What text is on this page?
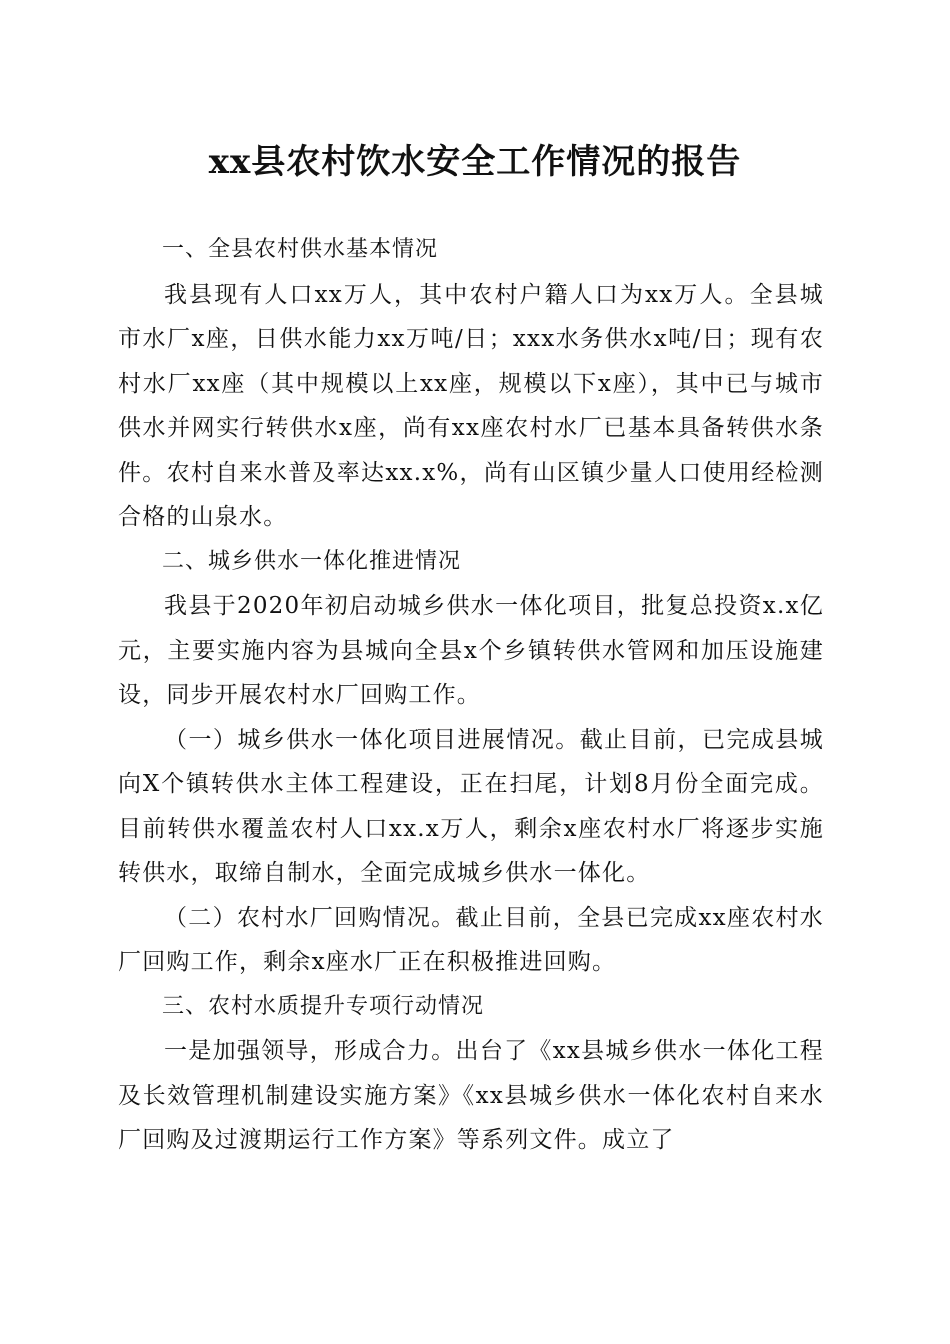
xx县农村饮水安全工作情况的报告

一、全县农村供水基本情况

我县现有人口xx万人，其中农村户籍人口为xx万人。全县城市水厂x座，日供水能力xx万吨/日；xxx水务供水x吨/日；现有农村水厂xx座（其中规模以上xx座，规模以下x座），其中已与城市供水并网实行转供水x座，尚有xx座农村水厂已基本具备转供水条件。农村自来水普及率达xx.x%，尚有山区镇少量人口使用经检测合格的山泉水。

二、城乡供水一体化推进情况

我县于2020年初启动城乡供水一体化项目，批复总投资x.x亿元，主要实施内容为县城向全县x个乡镇转供水管网和加压设施建设，同步开展农村水厂回购工作。

（一）城乡供水一体化项目进展情况。截止目前，已完成县城向X个镇转供水主体工程建设，正在扫尾，计划8月份全面完成。目前转供水覆盖农村人口xx.x万人，剩余x座农村水厂将逐步实施转供水，取缔自制水，全面完成城乡供水一体化。

（二）农村水厂回购情况。截止目前，全县已完成xx座农村水厂回购工作，剩余x座水厂正在积极推进回购。

三、农村水质提升专项行动情况

一是加强领导，形成合力。出台了《xx县城乡供水一体化工程及长效管理机制建设实施方案》《xx县城乡供水一体化农村自来水厂回购及过渡期运行工作方案》等系列文件。成立了
